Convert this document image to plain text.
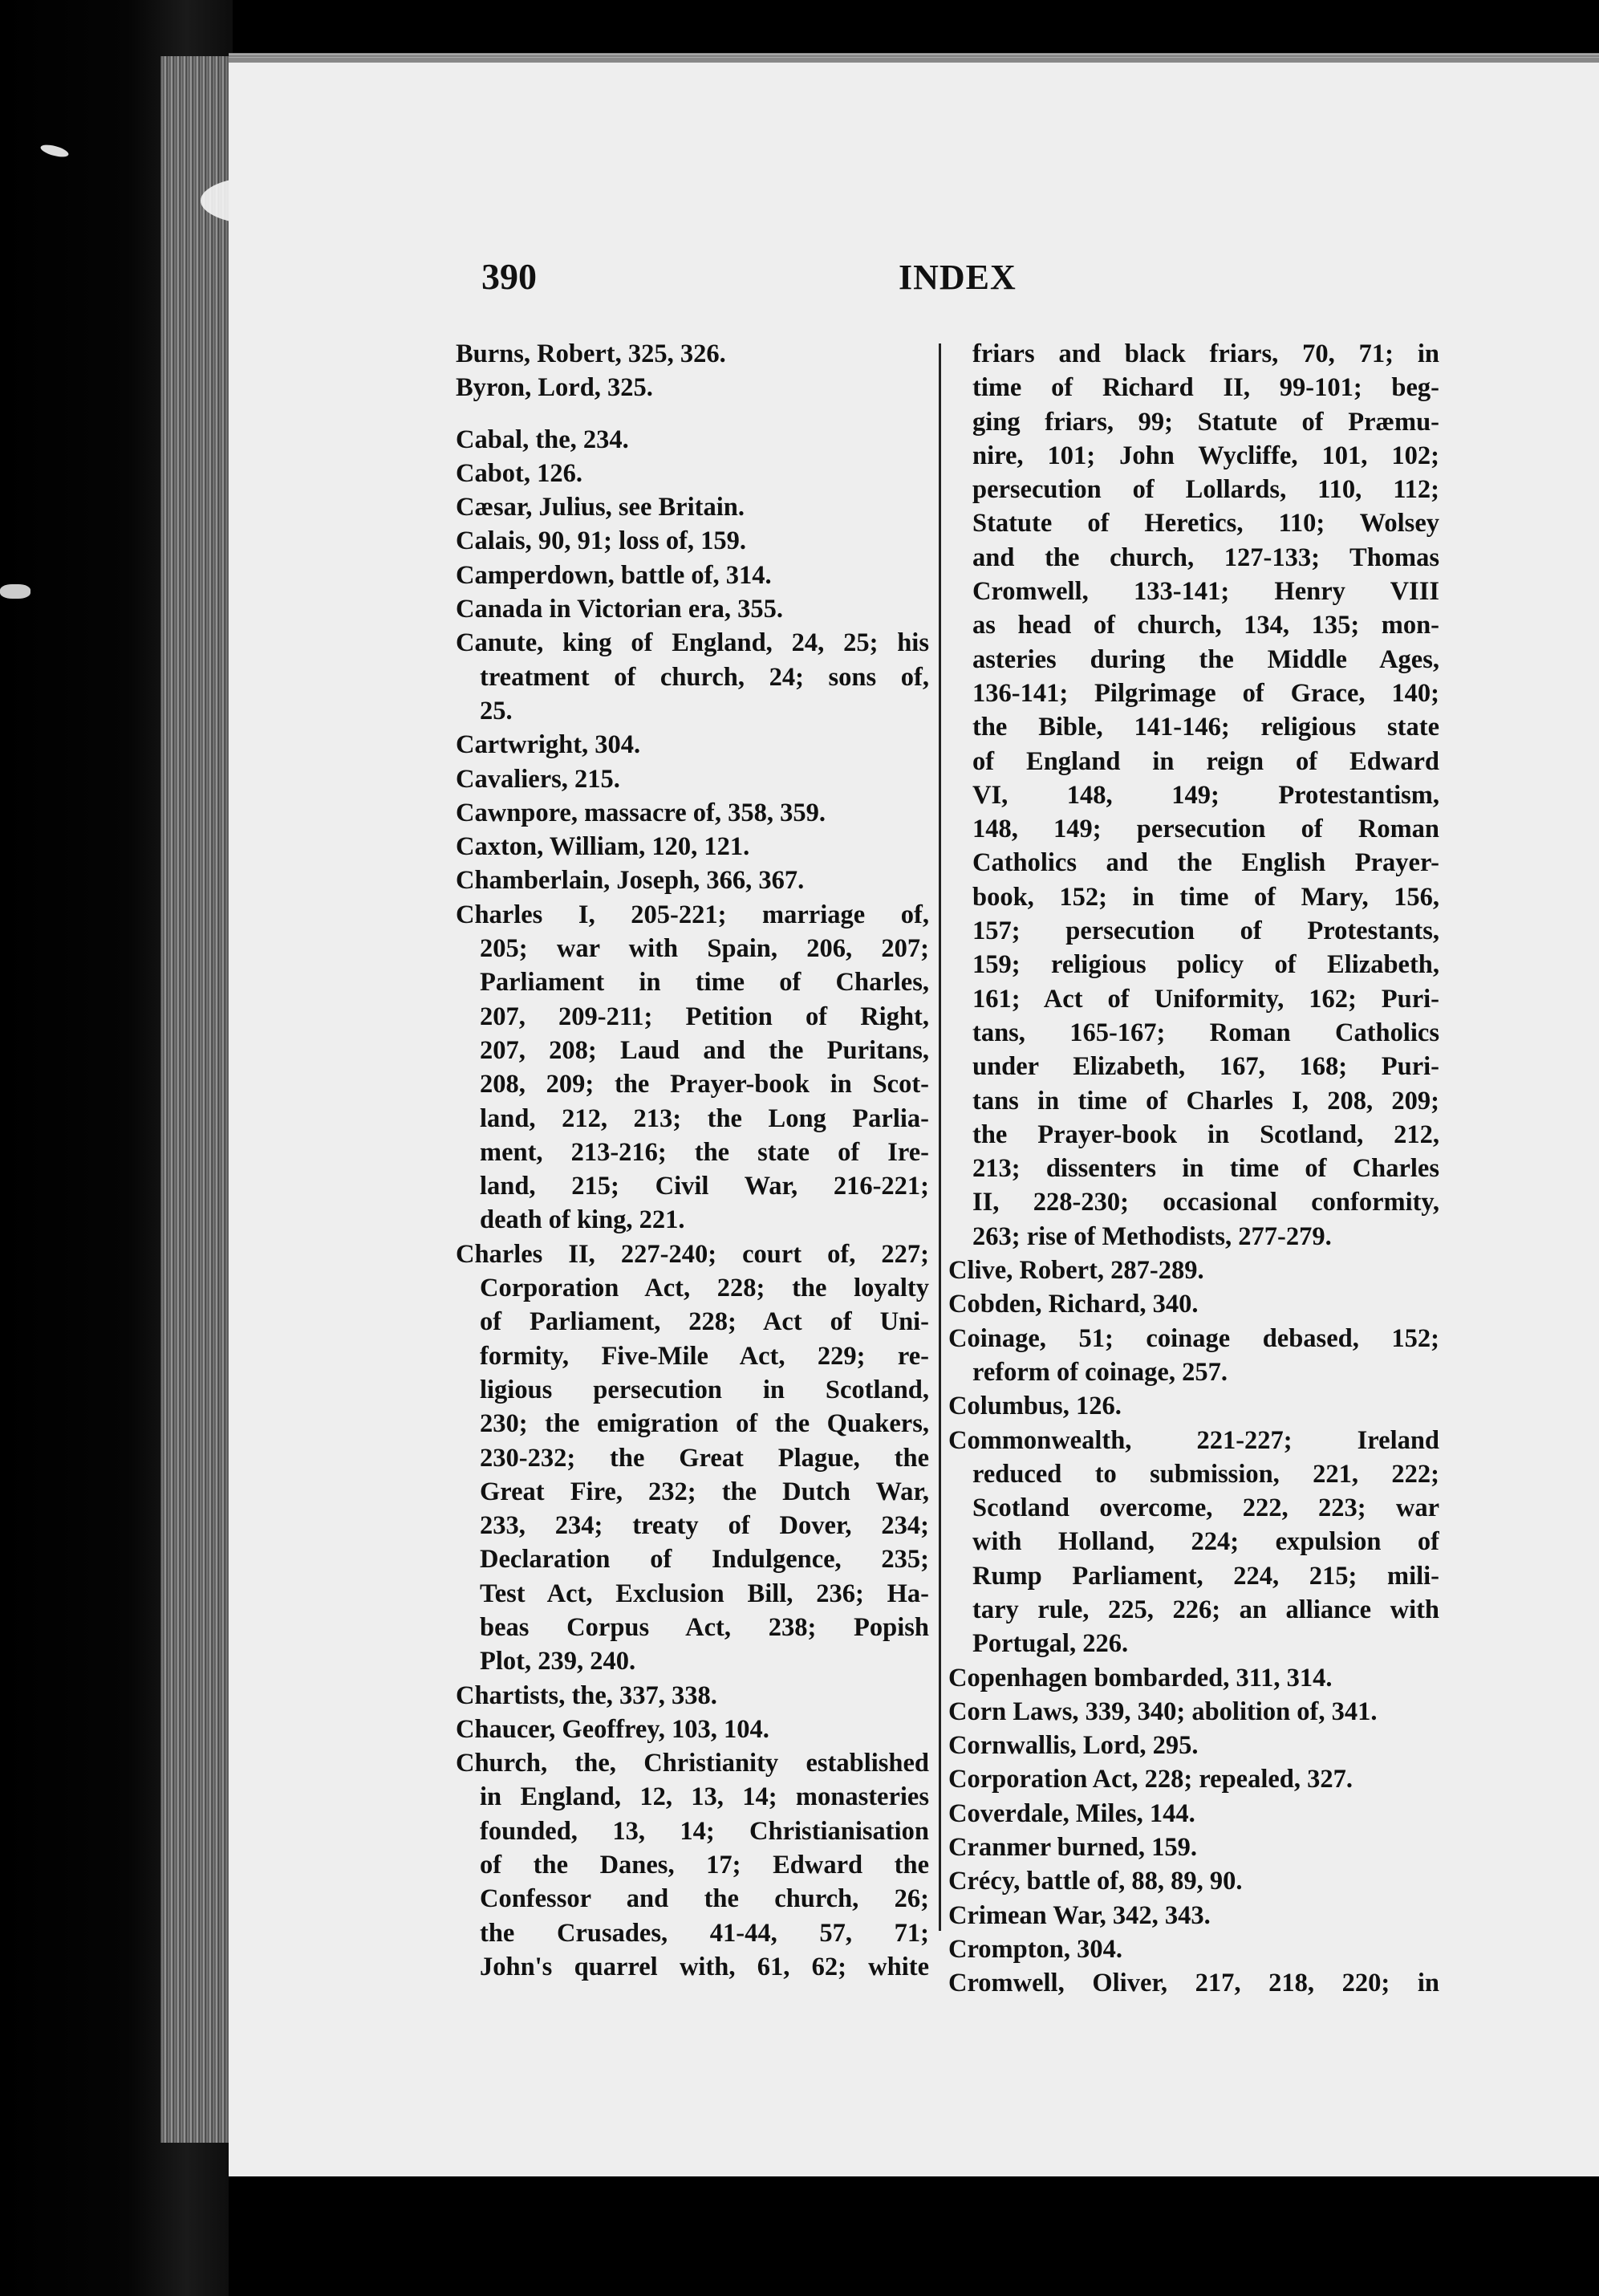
390	INDEX
Burns, Robert, 325, 326.
Byron, Lord, 325.
Cabal, the, 234.
Cabot, 126.
Cæsar, Julius, see Britain.
Calais, 90, 91; loss of, 159.
Camperdown, battle of, 314.
Canada in Victorian era, 355.
Canute, king of England, 24, 25; his
treatment of church, 24; sons of,
25.
Cartwright, 304.
Cavaliers, 215.
Cawnpore, massacre of, 358, 359.
Caxton, William, 120, 121.
Chamberlain, Joseph, 366, 367.
Charles I, 205-221; marriage of,
205; war with Spain, 206, 207;
Parliament in time of Charles,
207, 209-211; Petition of Right,
207, 208; Laud and the Puritans,
208, 209; the Prayer-book in Scot-
land, 212, 213; the Long Parlia-
ment, 213-216; the state of Ire-
land, 215; Civil War, 216-221;
death of king, 221.
Charles II, 227-240; court of, 227;
Corporation Act, 228; the loyalty
of Parliament, 228; Act of Uni-
formity, Five-Mile Act, 229; re-
ligious persecution in Scotland,
230; the emigration of the Quakers,
230-232; the Great Plague, the
Great Fire, 232; the Dutch War,
233, 234; treaty of Dover, 234;
Declaration of Indulgence, 235;
Test Act, Exclusion Bill, 236; Ha-
beas Corpus Act, 238; Popish
Plot, 239, 240.
Chartists, the, 337, 338.
Chaucer, Geoffrey, 103, 104.
Church, the, Christianity established
in England, 12, 13, 14; monasteries
founded, 13, 14; Christianisation
of the Danes, 17; Edward the
Confessor and the church, 26;
the Crusades, 41-44, 57, 71;
John's quarrel with, 61, 62; white
friars and black friars, 70, 71; in
time of Richard II, 99-101; beg-
ging friars, 99; Statute of Præmu-
nire, 101; John Wycliffe, 101, 102;
persecution of Lollards, 110, 112;
Statute of Heretics, 110; Wolsey
and the church, 127-133; Thomas
Cromwell, 133-141; Henry VIII
as head of church, 134, 135; mon-
asteries during the Middle Ages,
136-141; Pilgrimage of Grace, 140;
the Bible, 141-146; religious state
of England in reign of Edward
VI, 148, 149; Protestantism,
148, 149; persecution of Roman
Catholics and the English Prayer-
book, 152; in time of Mary, 156,
157; persecution of Protestants,
159; religious policy of Elizabeth,
161; Act of Uniformity, 162; Puri-
tans, 165-167; Roman Catholics
under Elizabeth, 167, 168; Puri-
tans in time of Charles I, 208, 209;
the Prayer-book in Scotland, 212,
213; dissenters in time of Charles
II, 228-230; occasional conformity,
263; rise of Methodists, 277-279.
Clive, Robert, 287-289.
Cobden, Richard, 340.
Coinage, 51; coinage debased, 152;
reform of coinage, 257.
Columbus, 126.
Commonwealth, 221-227; Ireland
reduced to submission, 221, 222;
Scotland overcome, 222, 223; war
with Holland, 224; expulsion of
Rump Parliament, 224, 215; mili-
tary rule, 225, 226; an alliance with
Portugal, 226.
Copenhagen bombarded, 311, 314.
Corn Laws, 339, 340; abolition of, 341.
Cornwallis, Lord, 295.
Corporation Act, 228; repealed, 327.
Coverdale, Miles, 144.
Cranmer burned, 159.
Crécy, battle of, 88, 89, 90.
Crimean War, 342, 343.
Crompton, 304.
Cromwell, Oliver, 217, 218, 220; in
